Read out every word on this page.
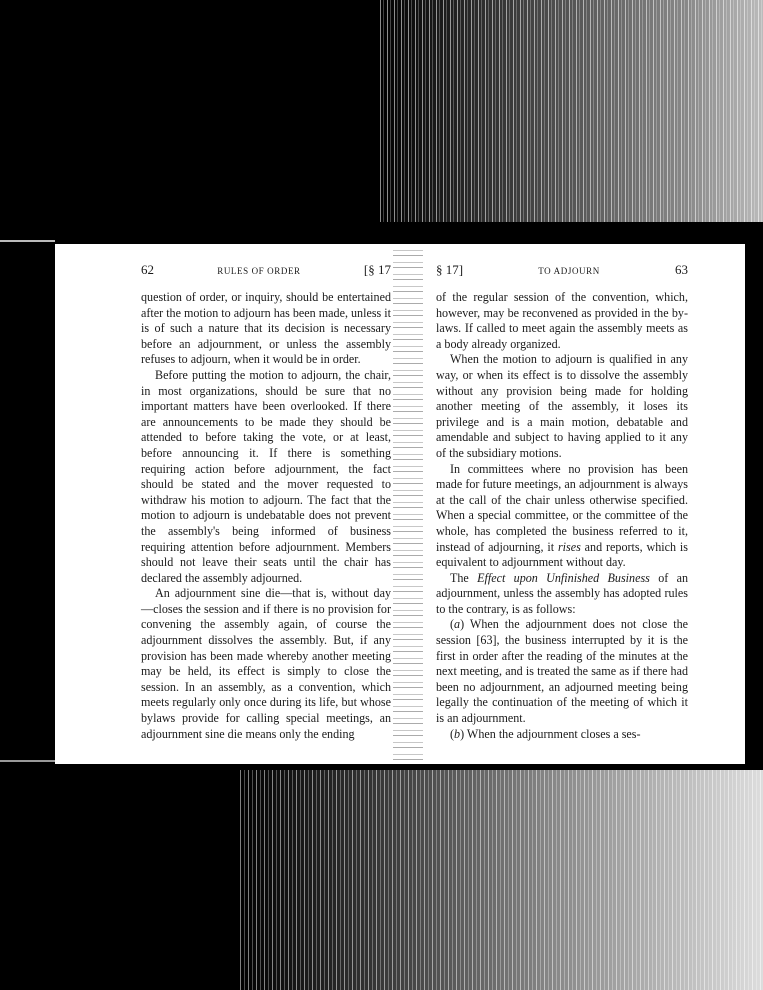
62	RULES OF ORDER	[§ 17

question of order, or inquiry, should be entertained after the motion to adjourn has been made, unless it is of such a nature that its decision is necessary before an adjournment, or unless the assembly refuses to adjourn, when it would be in order.

Before putting the motion to adjourn, the chair, in most organizations, should be sure that no important matters have been overlooked. If there are announcements to be made they should be attended to before taking the vote, or at least, before announcing it. If there is something requiring action before adjournment, the fact should be stated and the mover requested to withdraw his motion to adjourn. The fact that the motion to adjourn is undebatable does not prevent the assembly's being informed of business requiring attention before adjournment. Members should not leave their seats until the chair has declared the assembly adjourned.

An adjournment sine die—that is, without day—closes the session and if there is no provision for convening the assembly again, of course the adjournment dissolves the assembly. But, if any provision has been made whereby another meeting may be held, its effect is simply to close the session. In an assembly, as a convention, which meets regularly only once during its life, but whose bylaws provide for calling special meetings, an adjournment sine die means only the ending

§ 17]	TO ADJOURN	63

of the regular session of the convention, which, however, may be reconvened as provided in the by-laws. If called to meet again the assembly meets as a body already organized.

When the motion to adjourn is qualified in any way, or when its effect is to dissolve the assembly without any provision being made for holding another meeting of the assembly, it loses its privilege and is a main motion, debatable and amendable and subject to having applied to it any of the subsidiary motions.

In committees where no provision has been made for future meetings, an adjournment is always at the call of the chair unless otherwise specified. When a special committee, or the committee of the whole, has completed the business referred to it, instead of adjourning, it rises and reports, which is equivalent to adjournment without day.

The Effect upon Unfinished Business of an adjournment, unless the assembly has adopted rules to the contrary, is as follows:

(a) When the adjournment does not close the session [63], the business interrupted by it is the first in order after the reading of the minutes at the next meeting, and is treated the same as if there had been no adjournment, an adjourned meeting being legally the continuation of the meeting of which it is an adjournment.

(b) When the adjournment closes a ses-
